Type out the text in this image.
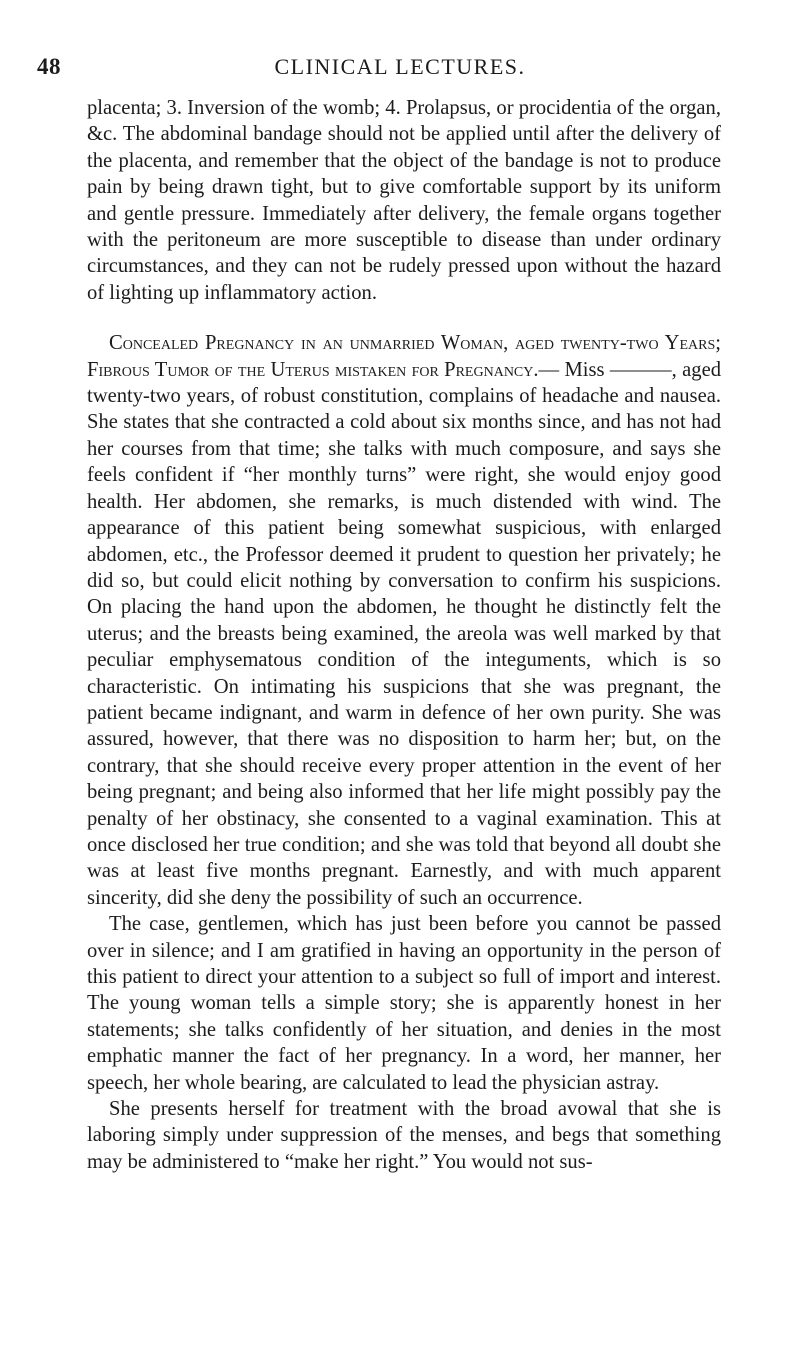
48	CLINICAL LECTURES.

placenta; 3. Inversion of the womb; 4. Prolapsus, or procidentia of the organ, &c. The abdominal bandage should not be applied until after the delivery of the placenta, and remember that the object of the bandage is not to produce pain by being drawn tight, but to give comfortable support by its uniform and gentle pressure. Immediately after delivery, the female organs together with the peritoneum are more susceptible to disease than under ordinary circumstances, and they can not be rudely pressed upon without the hazard of lighting up inflammatory action.

Concealed Pregnancy in an unmarried Woman, aged twenty-two Years; Fibrous Tumor of the Uterus mistaken for Pregnancy.— Miss ———, aged twenty-two years, of robust constitution, complains of headache and nausea. She states that she contracted a cold about six months since, and has not had her courses from that time; she talks with much composure, and says she feels confident if “her monthly turns” were right, she would enjoy good health. Her abdomen, she remarks, is much distended with wind. The appearance of this patient being somewhat suspicious, with enlarged abdomen, etc., the Professor deemed it prudent to question her privately; he did so, but could elicit nothing by conversation to confirm his suspicions. On placing the hand upon the abdomen, he thought he distinctly felt the uterus; and the breasts being examined, the areola was well marked by that peculiar emphysematous condition of the integuments, which is so characteristic. On intimating his suspicions that she was pregnant, the patient became indignant, and warm in defence of her own purity. She was assured, however, that there was no disposition to harm her; but, on the contrary, that she should receive every proper attention in the event of her being pregnant; and being also informed that her life might possibly pay the penalty of her obstinacy, she consented to a vaginal examination. This at once disclosed her true condition; and she was told that beyond all doubt she was at least five months pregnant. Earnestly, and with much apparent sincerity, did she deny the possibility of such an occurrence.

The case, gentlemen, which has just been before you cannot be passed over in silence; and I am gratified in having an opportunity in the person of this patient to direct your attention to a subject so full of import and interest. The young woman tells a simple story; she is apparently honest in her statements; she talks confidently of her situation, and denies in the most emphatic manner the fact of her pregnancy. In a word, her manner, her speech, her whole bearing, are calculated to lead the physician astray.

She presents herself for treatment with the broad avowal that she is laboring simply under suppression of the menses, and begs that something may be administered to “make her right.” You would not sus-
